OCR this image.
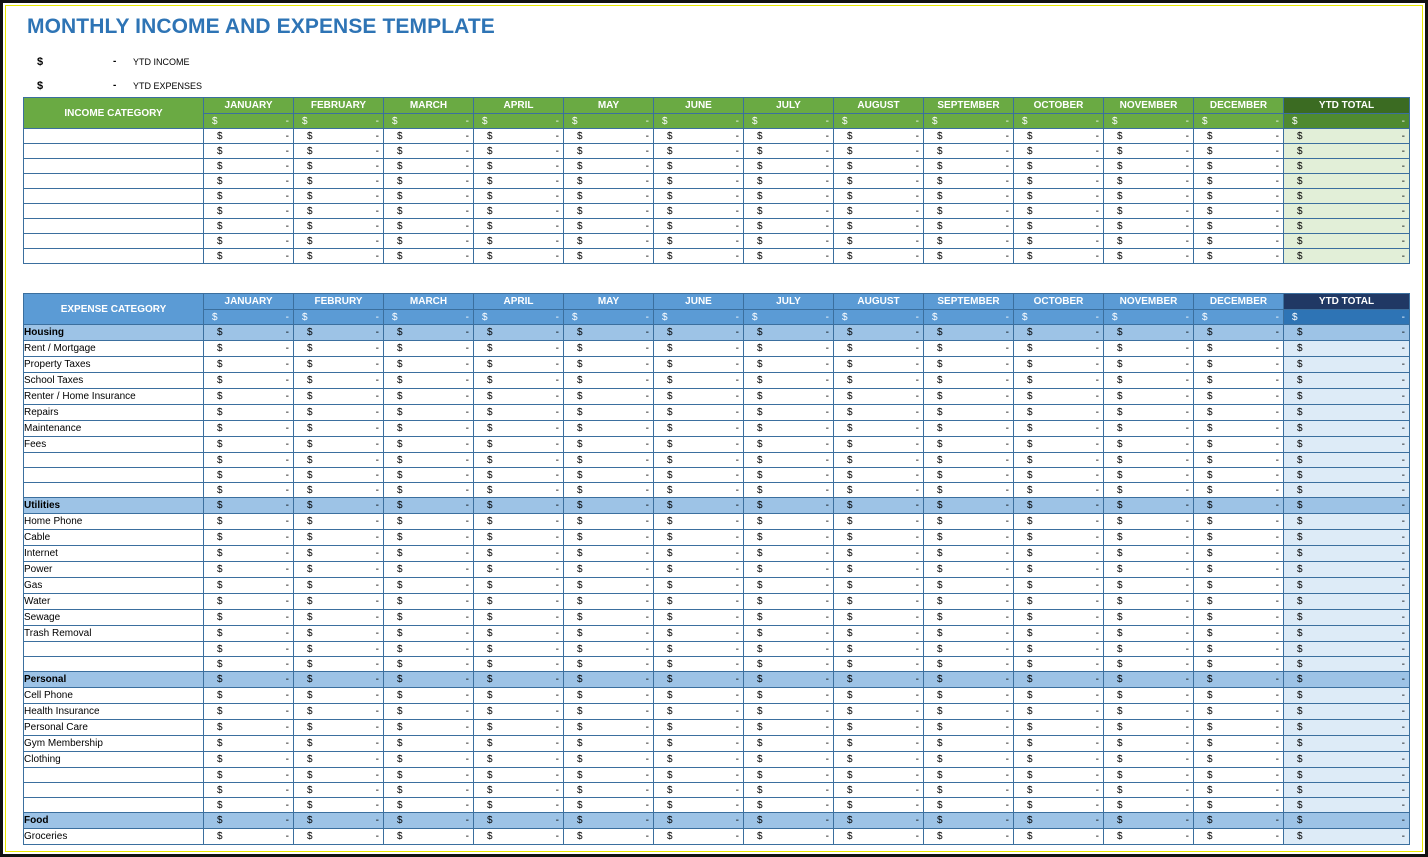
MONTHLY INCOME AND EXPENSE TEMPLATE
$	- YTD INCOME
$	- YTD EXPENSES
INCOME CATEGORY	JANUARY	FEBRUARY	MARCH	APRIL	MAY	JUNE	JULY	AUGUST	SEPTEMBER	OCTOBER	NOVEMBER	DECEMBER	YTD TOTAL

	$ -	$ -	$ -	$ -	$ -	$ -	$ -	$ -	$ -	$ -	$ -	$ -	$ -

	$ -	$ -	$ -	$ -	$ -	$ -	$ -	$ -	$ -	$ -	$ -	$ -	$ -

	$ -	$ -	$ -	$ -	$ -	$ -	$ -	$ -	$ -	$ -	$ -	$ -	$ -

	$ -	$ -	$ -	$ -	$ -	$ -	$ -	$ -	$ -	$ -	$ -	$ -	$ -

	$ -	$ -	$ -	$ -	$ -	$ -	$ -	$ -	$ -	$ -	$ -	$ -	$ -

	$ -	$ -	$ -	$ -	$ -	$ -	$ -	$ -	$ -	$ -	$ -	$ -	$ -

	$ -	$ -	$ -	$ -	$ -	$ -	$ -	$ -	$ -	$ -	$ -	$ -	$ -

	$ -	$ -	$ -	$ -	$ -	$ -	$ -	$ -	$ -	$ -	$ -	$ -	$ -

	$ -	$ -	$ -	$ -	$ -	$ -	$ -	$ -	$ -	$ -	$ -	$ -	$ -

	$ -	$ -	$ -	$ -	$ -	$ -	$ -	$ -	$ -	$ -	$ -	$ -	$ -
EXPENSE CATEGORY	JANUARY	FEBRURY	MARCH	APRIL	MAY	JUNE	JULY	AUGUST	SEPTEMBER	OCTOBER	NOVEMBER	DECEMBER	YTD TOTAL

	$ -	$ -	$ -	$ -	$ -	$ -	$ -	$ -	$ -	$ -	$ -	$ -	$ -

Housing	$ -	$ -	$ -	$ -	$ -	$ -	$ -	$ -	$ -	$ -	$ -	$ -	$ -

Rent / Mortgage	$ -	$ -	$ -	$ -	$ -	$ -	$ -	$ -	$ -	$ -	$ -	$ -	$ -

Property Taxes	$ -	$ -	$ -	$ -	$ -	$ -	$ -	$ -	$ -	$ -	$ -	$ -	$ -

School Taxes	$ -	$ -	$ -	$ -	$ -	$ -	$ -	$ -	$ -	$ -	$ -	$ -	$ -

Renter / Home Insurance	$ -	$ -	$ -	$ -	$ -	$ -	$ -	$ -	$ -	$ -	$ -	$ -	$ -

Repairs	$ -	$ -	$ -	$ -	$ -	$ -	$ -	$ -	$ -	$ -	$ -	$ -	$ -

Maintenance	$ -	$ -	$ -	$ -	$ -	$ -	$ -	$ -	$ -	$ -	$ -	$ -	$ -

Fees	$ -	$ -	$ -	$ -	$ -	$ -	$ -	$ -	$ -	$ -	$ -	$ -	$ -

	$ -	$ -	$ -	$ -	$ -	$ -	$ -	$ -	$ -	$ -	$ -	$ -	$ -

	$ -	$ -	$ -	$ -	$ -	$ -	$ -	$ -	$ -	$ -	$ -	$ -	$ -

	$ -	$ -	$ -	$ -	$ -	$ -	$ -	$ -	$ -	$ -	$ -	$ -	$ -

Utilities	$ -	$ -	$ -	$ -	$ -	$ -	$ -	$ -	$ -	$ -	$ -	$ -	$ -

Home Phone	$ -	$ -	$ -	$ -	$ -	$ -	$ -	$ -	$ -	$ -	$ -	$ -	$ -

Cable	$ -	$ -	$ -	$ -	$ -	$ -	$ -	$ -	$ -	$ -	$ -	$ -	$ -

Internet	$ -	$ -	$ -	$ -	$ -	$ -	$ -	$ -	$ -	$ -	$ -	$ -	$ -

Power	$ -	$ -	$ -	$ -	$ -	$ -	$ -	$ -	$ -	$ -	$ -	$ -	$ -

Gas	$ -	$ -	$ -	$ -	$ -	$ -	$ -	$ -	$ -	$ -	$ -	$ -	$ -

Water	$ -	$ -	$ -	$ -	$ -	$ -	$ -	$ -	$ -	$ -	$ -	$ -	$ -

Sewage	$ -	$ -	$ -	$ -	$ -	$ -	$ -	$ -	$ -	$ -	$ -	$ -	$ -

Trash Removal	$ -	$ -	$ -	$ -	$ -	$ -	$ -	$ -	$ -	$ -	$ -	$ -	$ -

	$ -	$ -	$ -	$ -	$ -	$ -	$ -	$ -	$ -	$ -	$ -	$ -	$ -

	$ -	$ -	$ -	$ -	$ -	$ -	$ -	$ -	$ -	$ -	$ -	$ -	$ -

Personal	$ -	$ -	$ -	$ -	$ -	$ -	$ -	$ -	$ -	$ -	$ -	$ -	$ -

Cell Phone	$ -	$ -	$ -	$ -	$ -	$ -	$ -	$ -	$ -	$ -	$ -	$ -	$ -

Health Insurance	$ -	$ -	$ -	$ -	$ -	$ -	$ -	$ -	$ -	$ -	$ -	$ -	$ -

Personal Care	$ -	$ -	$ -	$ -	$ -	$ -	$ -	$ -	$ -	$ -	$ -	$ -	$ -

Gym Membership	$ -	$ -	$ -	$ -	$ -	$ -	$ -	$ -	$ -	$ -	$ -	$ -	$ -

Clothing	$ -	$ -	$ -	$ -	$ -	$ -	$ -	$ -	$ -	$ -	$ -	$ -	$ -

	$ -	$ -	$ -	$ -	$ -	$ -	$ -	$ -	$ -	$ -	$ -	$ -	$ -

	$ -	$ -	$ -	$ -	$ -	$ -	$ -	$ -	$ -	$ -	$ -	$ -	$ -

	$ -	$ -	$ -	$ -	$ -	$ -	$ -	$ -	$ -	$ -	$ -	$ -	$ -

Food	$ -	$ -	$ -	$ -	$ -	$ -	$ -	$ -	$ -	$ -	$ -	$ -	$ -

Groceries	$ -	$ -	$ -	$ -	$ -	$ -	$ -	$ -	$ -	$ -	$ -	$ -	$ -
